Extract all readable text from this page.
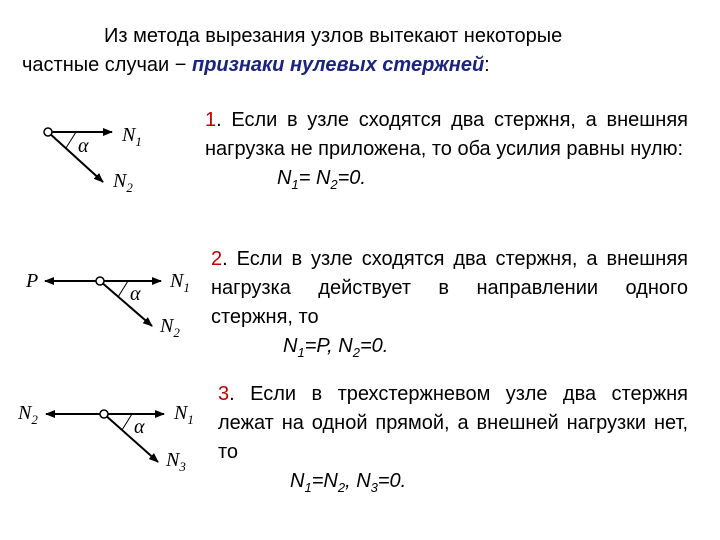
Из метода вырезания узлов вытекают некоторые
частные случаи − признаки нулевых стержней:
α $N_1$
$N_2$
P
α
$N_1$
$N_2$
$N_2$	α
$N_1$
$N_3$
1. Если в узле сходятся два стержня, а внешняя нагрузка не приложена, то оба усилия равны нулю:
$N_1= N_2=0$.
2. Если в узле сходятся два стержня, а внешняя нагрузка действует в направлении одного стержня, то
$N_1=P$, $N_2=0$.
3. Если в трехстержневом узле два стержня лежат на одной прямой, а внешней нагрузки нет, то
$N_1=N_2$, $N_3=0$.
